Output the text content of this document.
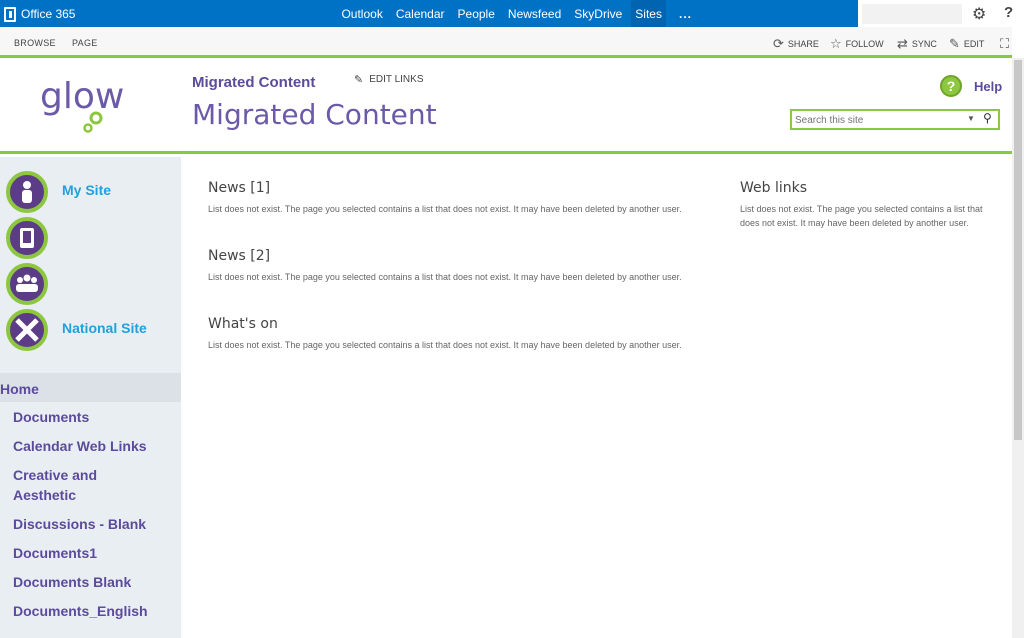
Office 365	Outlook Calendar People Newsfeed SkyDrive	Sites	...	⚙ ?
BROWSE PAGE	⟳ SHARE ☆ FOLLOW ⇄ SYNC ✎ EDIT ⛶
glow	Migrated Content	✎ EDIT LINKS
Migrated Content
?	Help
Search this site
▼ ⚲
My Site
National Site
Home
Documents
Calendar Web Links
Creative and Aesthetic
Discussions - Blank
Documents1
Documents Blank
Documents_English
News [1]
List does not exist. The page you selected contains a list that does not exist. It may have been deleted by another user.
News [2]
List does not exist. The page you selected contains a list that does not exist. It may have been deleted by another user.
What's on
List does not exist. The page you selected contains a list that does not exist. It may have been deleted by another user.
Web links
List does not exist. The page you selected contains a list that does not exist. It may have been deleted by another user.
